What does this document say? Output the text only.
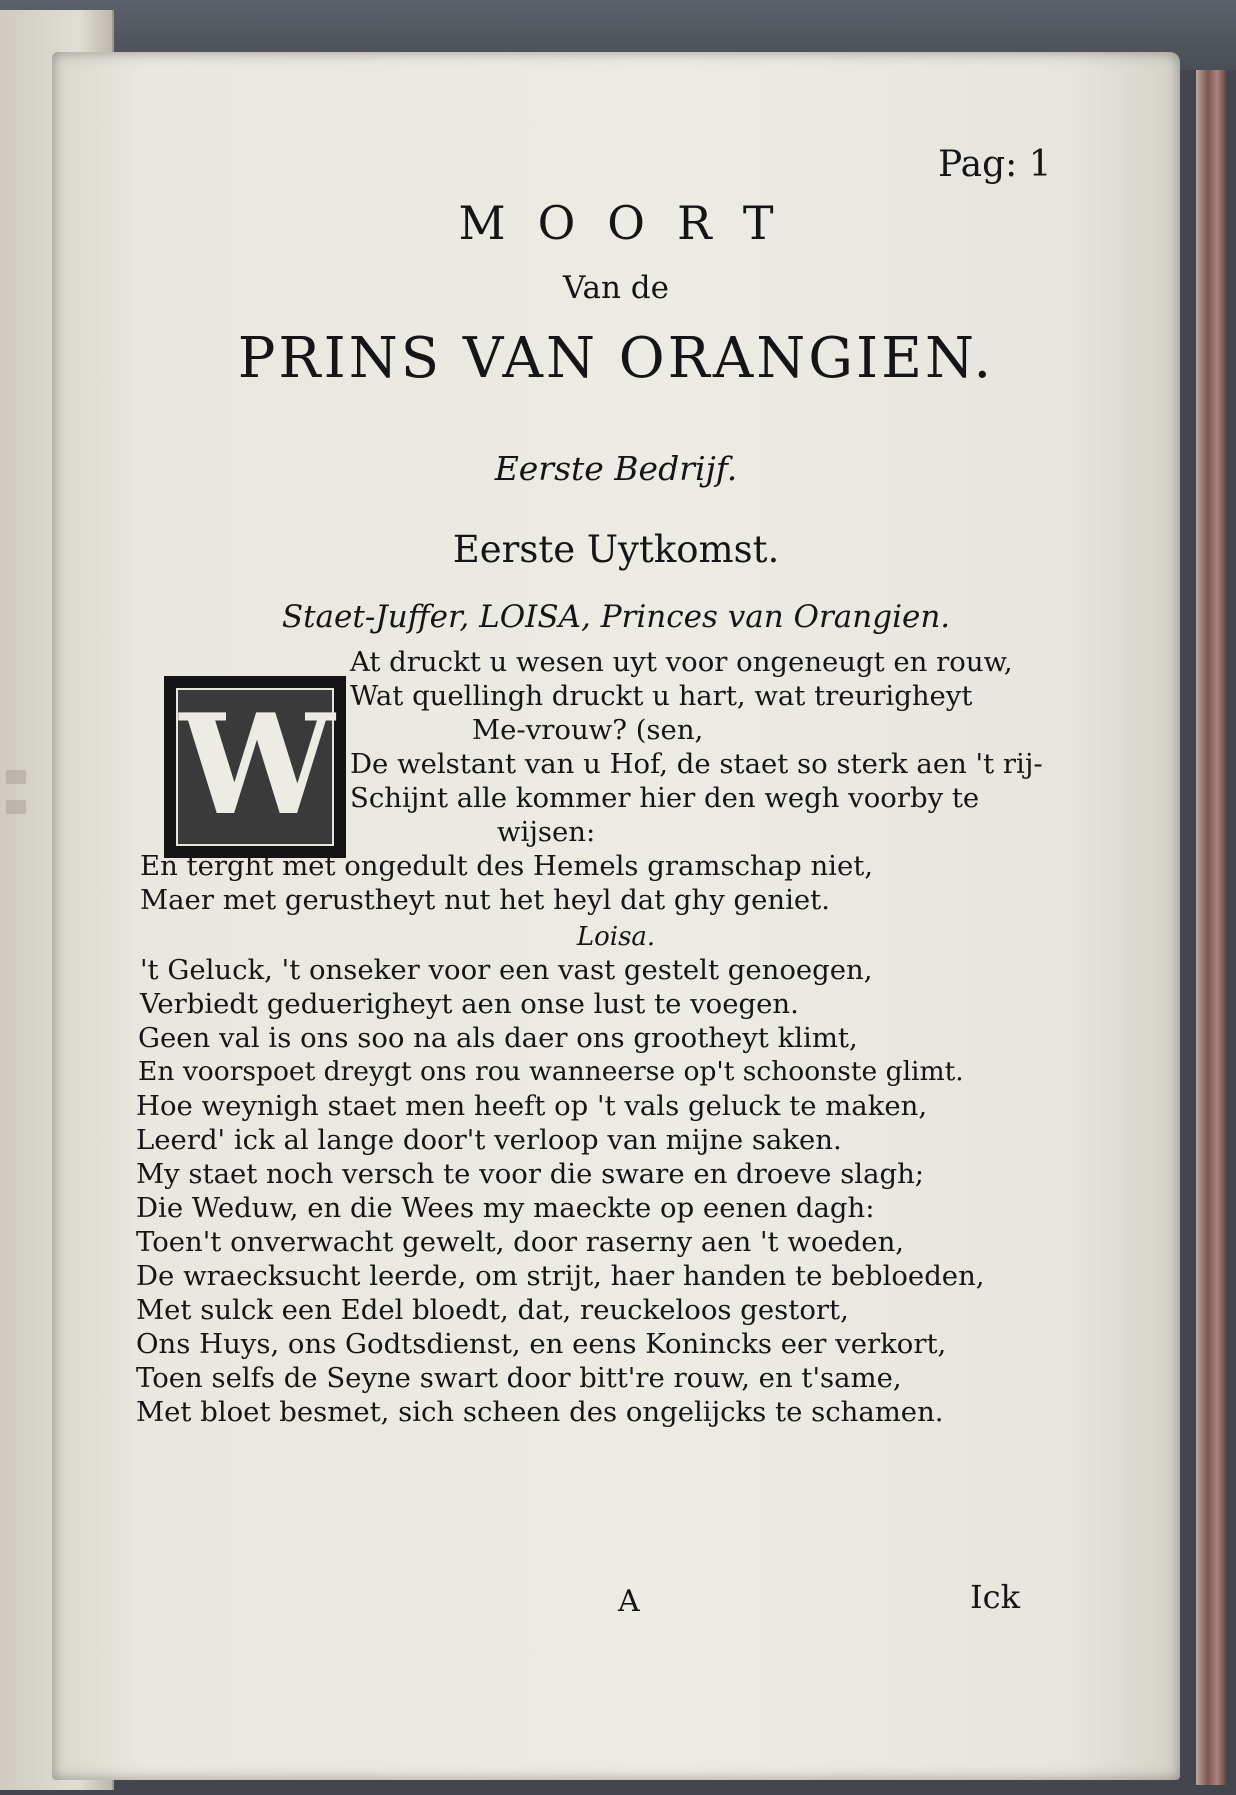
Pag: 1

MOORT

Van de

PRINS VAN ORANGIEN.

Eerste Bedrijf.

Eerste Uytkomst.

Staet-Juffer, LOISA, Princes van Orangien.

W

At druckt u wesen uyt voor ongeneugt en rouw,

Wat quellingh druckt u hart, wat treurigheyt

Me-vrouw? (sen,

De welstant van u Hof, de staet so sterk aen 't rij-

Schijnt alle kommer hier den wegh voorby te

wijsen:

En terght met ongedult des Hemels gramschap niet,

Maer met gerustheyt nut het heyl dat ghy geniet.

Loisa.

't Geluck, 't onseker voor een vast gestelt genoegen,

Verbiedt geduerigheyt aen onse lust te voegen.

Geen val is ons soo na als daer ons grootheyt klimt,

En voorspoet dreygt ons rou wanneerse op't schoonste glimt.

Hoe weynigh staet men heeft op 't vals geluck te maken,

Leerd' ick al lange door't verloop van mijne saken.

My staet noch versch te voor die sware en droeve slagh;

Die Weduw, en die Wees my maeckte op eenen dagh:

Toen't onverwacht gewelt, door raserny aen 't woeden,

De wraecksucht leerde, om strijt, haer handen te bebloeden,

Met sulck een Edel bloedt, dat, reuckeloos gestort,

Ons Huys, ons Godtsdienst, en eens Konincks eer verkort,

Toen selfs de Seyne swart door bitt're rouw, en t'same,

Met bloet besmet, sich scheen des ongelijcks te schamen.

A	Ick
